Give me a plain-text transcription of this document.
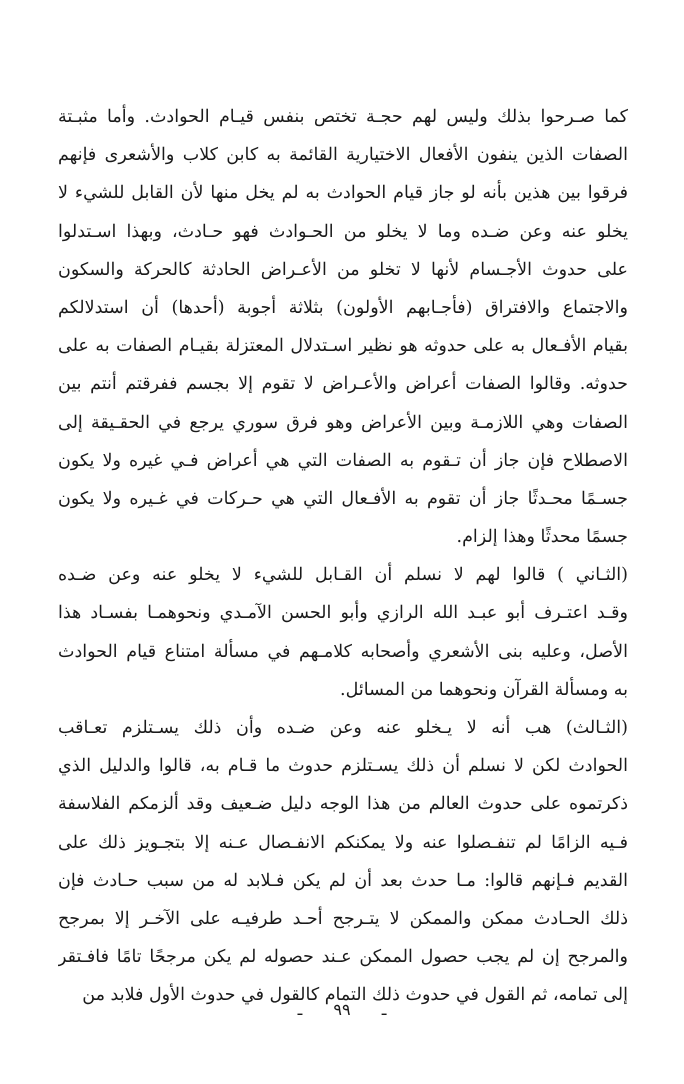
كما صـرحوا بذلك وليس لهم حجـة تختص بنفس قيـام الحوادث. وأما مثبـتة
الصفات الذين ينفون الأفعال الاختيارية القائمة به كابن كلاب والأشعرى فإنهم
فرقوا بين هذين بأنه لو جاز قيام الحوادث به لم يخل منها لأن القابل للشيء لا
يخلو عنه وعن ضـده وما لا يخلو من الحـوادث فهو حـادث، وبهذا اسـتدلوا
على حدوث الأجـسام لأنها لا تخلو من الأعـراض الحادثة كالحركة والسكون
والاجتماع والافتراق (فأجـابهم الأولون) بثلاثة أجوبة (أحدها) أن استدلالكم
بقيام الأفـعال به على حدوثه هو نظير اسـتدلال المعتزلة بقيـام الصفات به على
حدوثه. وقالوا الصفات أعراض والأعـراض لا تقوم إلا بجسم ففرقتم أنتم بين
الصفات وهي اللازمـة وبين الأعراض وهو فرق سوري يرجع في الحقـيقة إلى
الاصطلاح فإن جاز أن تـقوم به الصفات التي هي أعراض فـي غيره ولا يكون
جسـمًا محـدثًا جاز أن تقوم به الأفـعال التي هي حـركات في غـيره ولا يكون
جسمًا محدثًا وهذا إلزام.
(الثـاني ) قالوا لهم لا نسلم أن القـابل للشيء لا يخلو عنه وعن ضـده
وقـد اعتـرف أبو عبـد الله الرازي وأبو الحسن الآمـدي ونحوهمـا بفسـاد هذا
الأصل، وعليه بنى الأشعري وأصحابه كلامـهم في مسألة امتناع قيام الحوادث
به ومسألة القرآن ونحوهما من المسائل.
(الثـالث) هب أنه لا يـخلو عنه وعن ضـده وأن ذلك يسـتلزم تعـاقب
الحوادث لكن لا نسلم أن ذلك يسـتلزم حدوث ما قـام به، قالوا والدليل الذي
ذكرتموه على حدوث العالم من هذا الوجه دليل ضـعيف وقد ألزمكم الفلاسفة
فـيه الزامًا لم تنفـصلوا عنه ولا يمكنكم الانفـصال عـنه إلا بتجـويز ذلك على
القديم فـإنهم قالوا: مـا حدث بعد أن لم يكن فـلابد له من سبب حـادث فإن
ذلك الحـادث ممكن والممكن لا يتـرجح أحـد طرفيـه على الآخـر إلا بمرجح
والمرجح إن لم يجب حصول الممكن عـند حصوله لم يكن مرجحًا تامًا فافـتقر
إلى تمامه، ثم القول في حدوث ذلك التمام كالقول في حدوث الأول فلابد من
ـ ٩٩ ـ
